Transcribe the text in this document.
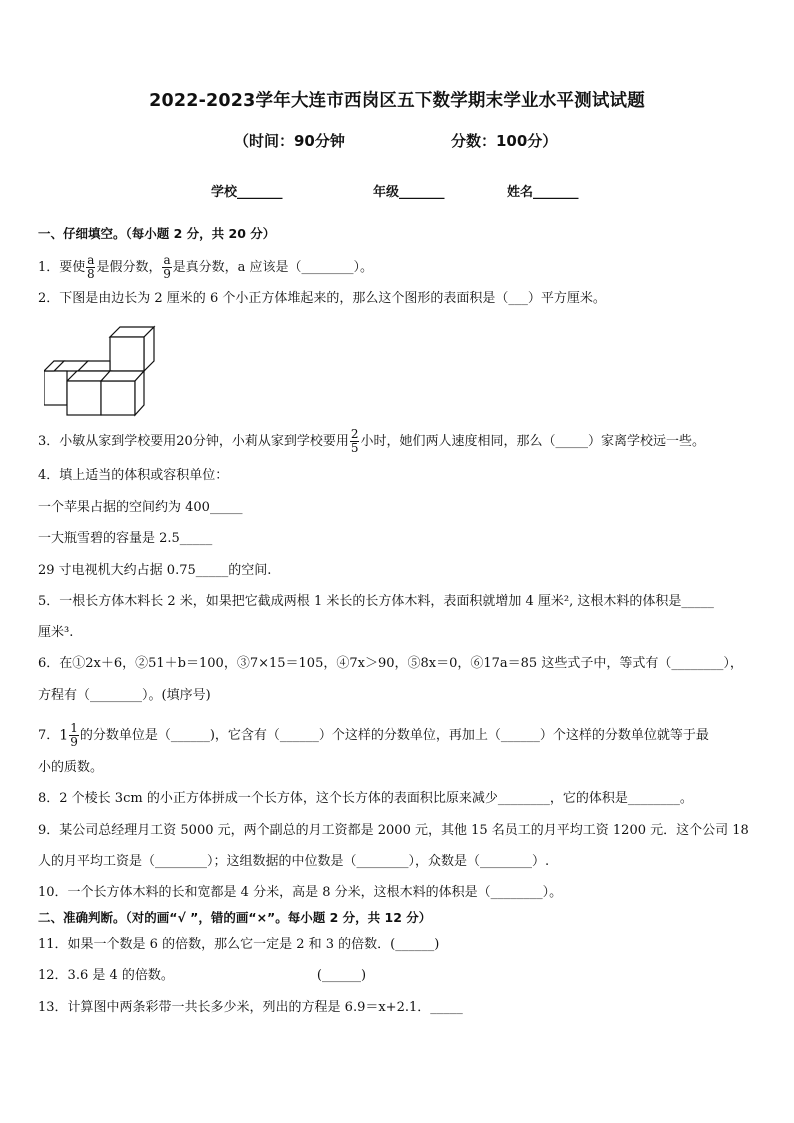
2022-2023学年大连市西岗区五下数学期末学业水平测试试题
（时间：90分钟	分数：100分）
学校_______	年级_______	姓名_______
一、仔细填空。（每小题 2 分，共 20 分）
1．要使 $\frac{a}{8}$ 是假分数， $\frac{a}{9}$ 是真分数，a 应该是（________）。
2．下图是由边长为 2 厘米的 6 个小正方体堆起来的，那么这个图形的表面积是（___）平方厘米。
3．小敏从家到学校要用20分钟，小莉从家到学校要用 $\frac{2}{5}$ 小时，她们两人速度相同，那么（_____）家离学校远一些。
4．填上适当的体积或容积单位：
一个苹果占据的空间约为 400_____
一大瓶雪碧的容量是 2.5_____
29 寸电视机大约占据 0.75_____的空间.
5．一根长方体木料长 2 米，如果把它截成两根 1 米长的长方体木料，表面积就增加 4 厘米², 这根木料的体积是_____
厘米³.
6．在①2x＋6，②51＋b＝100，③7×15＝105，④7x＞90，⑤8x＝0，⑥17a＝85 这些式子中，等式有（________），
方程有（________）。(填序号)
7．$1 \frac{1}{9}$ 的分数单位是（______)，它含有（______）个这样的分数单位，再加上（______）个这样的分数单位就等于最
小的质数。
8．2 个棱长 3cm 的小正方体拼成一个长方体，这个长方体的表面积比原来减少________，它的体积是________。
9．某公司总经理月工资 5000 元，两个副总的月工资都是 2000 元，其他 15 名员工的月平均工资 1200 元．这个公司 18
人的月平均工资是（________）；这组数据的中位数是（________），众数是（________）.
10．一个长方体木料的长和宽都是 4 分米，高是 8 分米，这根木料的体积是（________）。
二、准确判断。（对的画“√ ”，错的画“×”。每小题 2 分，共 12 分）
11．如果一个数是 6 的倍数，那么它一定是 2 和 3 的倍数．(______)
12．3.6 是 4 的倍数。	(______)
13．计算图中两条彩带一共长多少米，列出的方程是 6.9＝x+2.1．_____
